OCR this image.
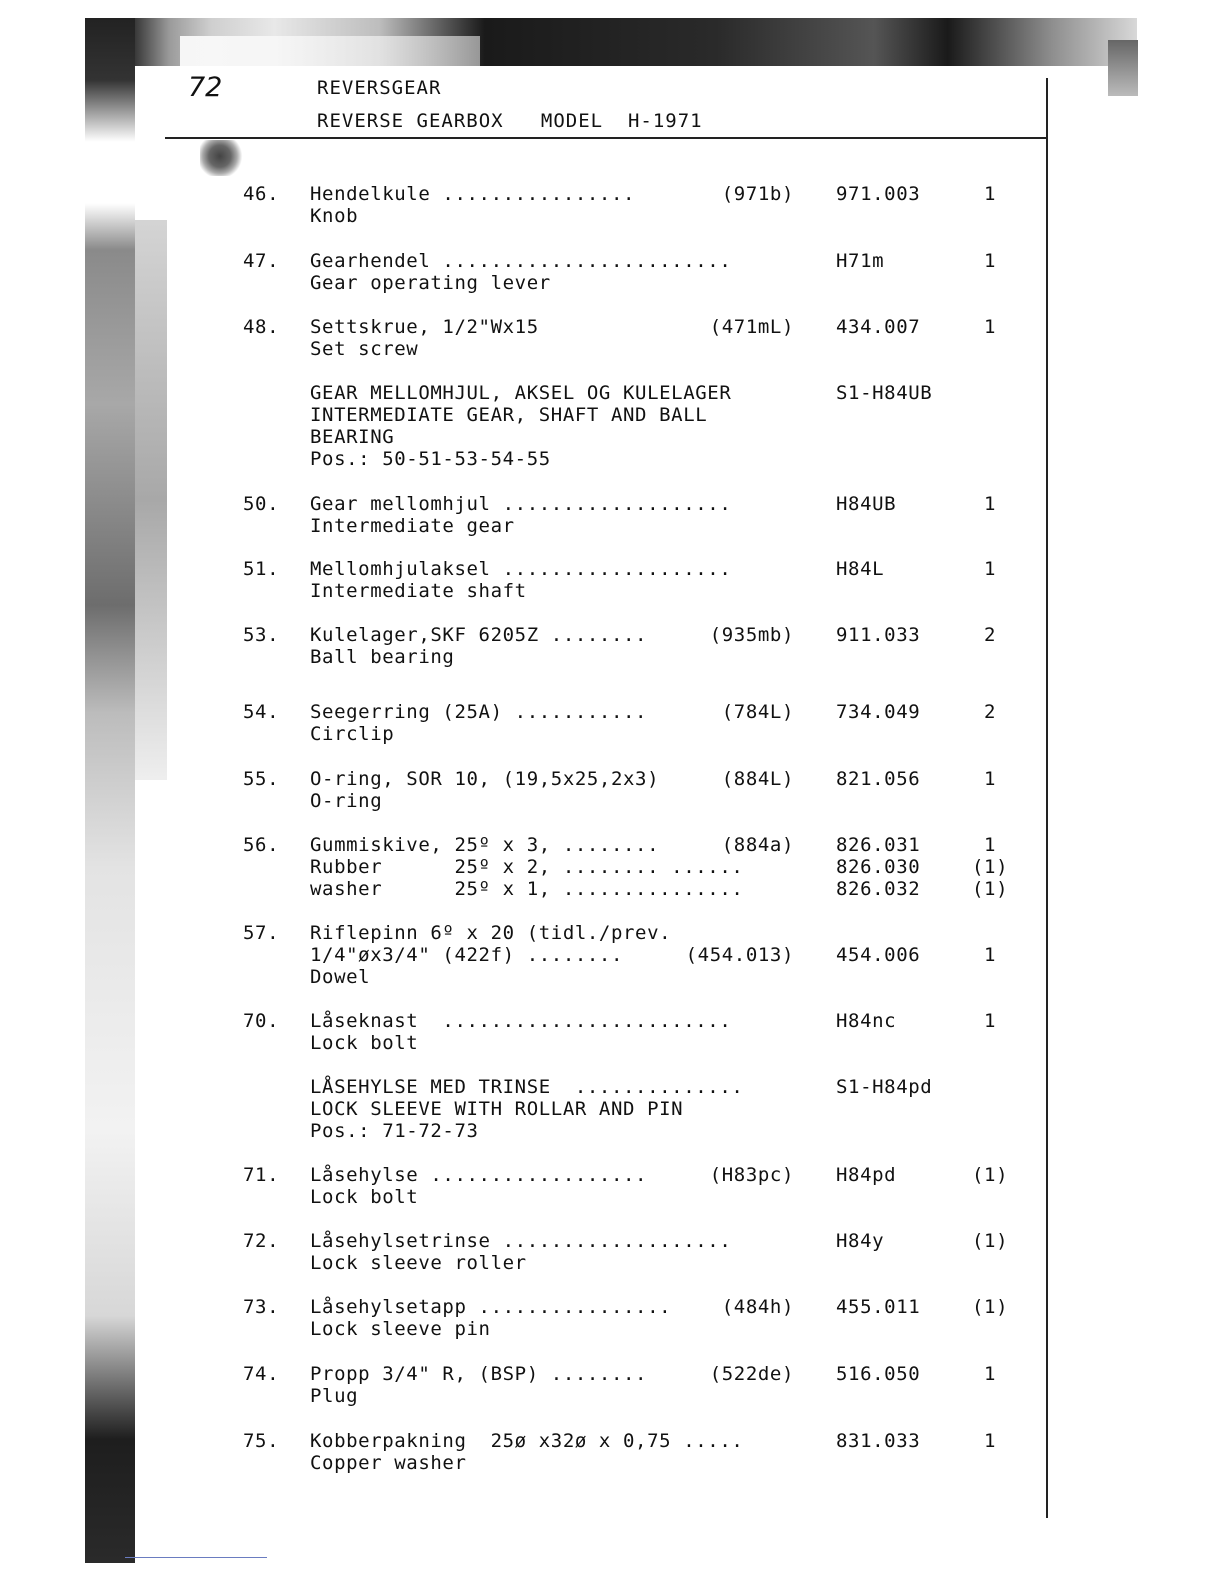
72	REVERSGEAR
REVERSE GEARBOX   MODEL  H-1971
46. Hendelkule ................	(971b) 971.003	1
Knob
47. Gearhendel ........................	H71m	1
Gear operating lever
48. Settskrue, 1/2"Wx15	(471mL) 434.007	1
Set screw
GEAR MELLOMHJUL, AKSEL OG KULELAGER	S1-H84UB
INTERMEDIATE GEAR, SHAFT AND BALL
BEARING
Pos.: 50-51-53-54-55
50. Gear mellomhjul ...................	H84UB	1
Intermediate gear
51. Mellomhjulaksel ...................	H84L	1
Intermediate shaft
53. Kulelager,SKF 6205Z ........	(935mb) 911.033	2
Ball bearing
54. Seegerring (25A) ...........	(784L) 734.049	2
Circlip
55. O-ring, SOR 10, (19,5x25,2x3)	(884L) 821.056	1
O-ring
56. Gummiskive, 25º x 3, ........	(884a) 826.031	1
Rubber      25º x 2, ........ ......	826.030	(1)
washer      25º x 1, ...............	826.032	(1)
57. Riflepinn 6º x 20 (tidl./prev.
1/4"øx3/4" (422f) ........	(454.013) 454.006	1
Dowel
70. Låseknast  ........................	H84nc	1
Lock bolt
LÅSEHYLSE MED TRINSE  ..............	S1-H84pd
LOCK SLEEVE WITH ROLLAR AND PIN
Pos.: 71-72-73
71. Låsehylse ..................	(H83pc) H84pd	(1)
Lock bolt
72. Låsehylsetrinse ...................	H84y	(1)
Lock sleeve roller
73. Låsehylsetapp ................	(484h) 455.011	(1)
Lock sleeve pin
74. Propp 3/4" R, (BSP) ........	(522de) 516.050	1
Plug
75. Kobberpakning  25ø x32ø x 0,75 .....	831.033	1
Copper washer
